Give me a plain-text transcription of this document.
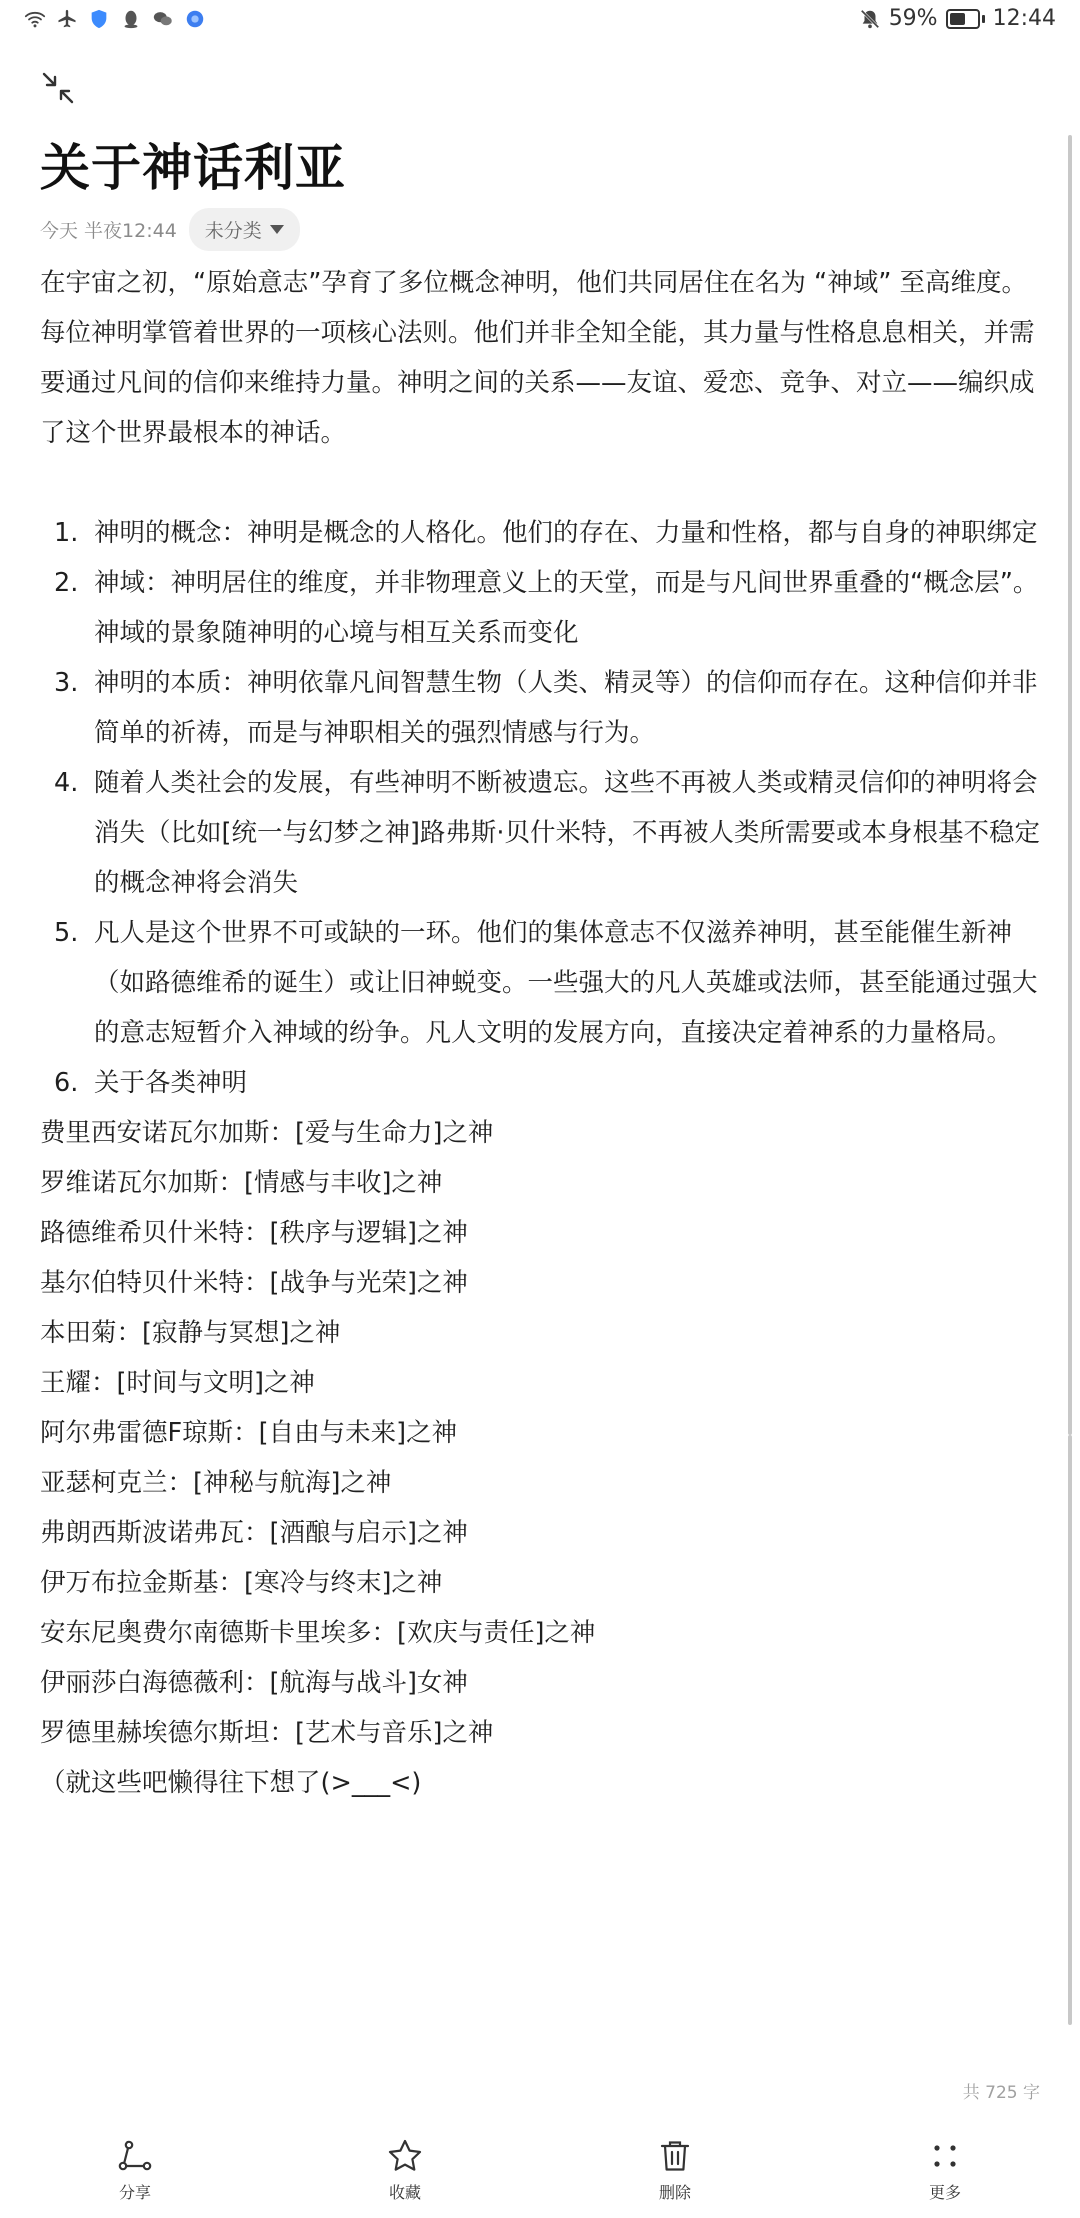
59%	12:44
关于神话利亚
今天 半夜12:44 未分类

在宇宙之初，“原始意志”孕育了多位概念神明，他们共同居住在名为 “神域” 至高维度。每位神明掌管着世界的一项核心法则。他们并非全知全能，其力量与性格息息相关，并需要通过凡间的信仰来维持力量。神明之间的关系——友谊、爱恋、竞争、对立——编织成了这个世界最根本的神话。

1. 神明的概念：神明是概念的人格化。他们的存在、力量和性格，都与自身的神职绑定
2. 神域：神明居住的维度，并非物理意义上的天堂，而是与凡间世界重叠的“概念层”。神域的景象随神明的心境与相互关系而变化
3. 神明的本质：神明依靠凡间智慧生物（人类、精灵等）的信仰而存在。这种信仰并非简单的祈祷，而是与神职相关的强烈情感与行为。
4. 随着人类社会的发展，有些神明不断被遗忘。这些不再被人类或精灵信仰的神明将会消失（比如[统一与幻梦之神]路弗斯·贝什米特，不再被人类所需要或本身根基不稳定的概念神将会消失
5. 凡人是这个世界不可或缺的一环。他们的集体意志不仅滋养神明，甚至能催生新神（如路德维希的诞生）或让旧神蜕变。一些强大的凡人英雄或法师，甚至能通过强大的意志短暂介入神域的纷争。凡人文明的发展方向，直接决定着神系的力量格局。
6. 关于各类神明

费里西安诺瓦尔加斯：[爱与生命力]之神

罗维诺瓦尔加斯：[情感与丰收]之神

路德维希贝什米特：[秩序与逻辑]之神

基尔伯特贝什米特：[战争与光荣]之神

本田菊：[寂静与冥想]之神

王耀：[时间与文明]之神

阿尔弗雷德F琼斯：[自由与未来]之神

亚瑟柯克兰：[神秘与航海]之神

弗朗西斯波诺弗瓦：[酒酿与启示]之神

伊万布拉金斯基：[寒冷与终末]之神

安东尼奥费尔南德斯卡里埃多：[欢庆与责任]之神

伊丽莎白海德薇利：[航海与战斗]女神

罗德里赫埃德尔斯坦：[艺术与音乐]之神

（就这些吧懒得往下想了(>___<)

共 725 字
分享	收藏	删除	更多
